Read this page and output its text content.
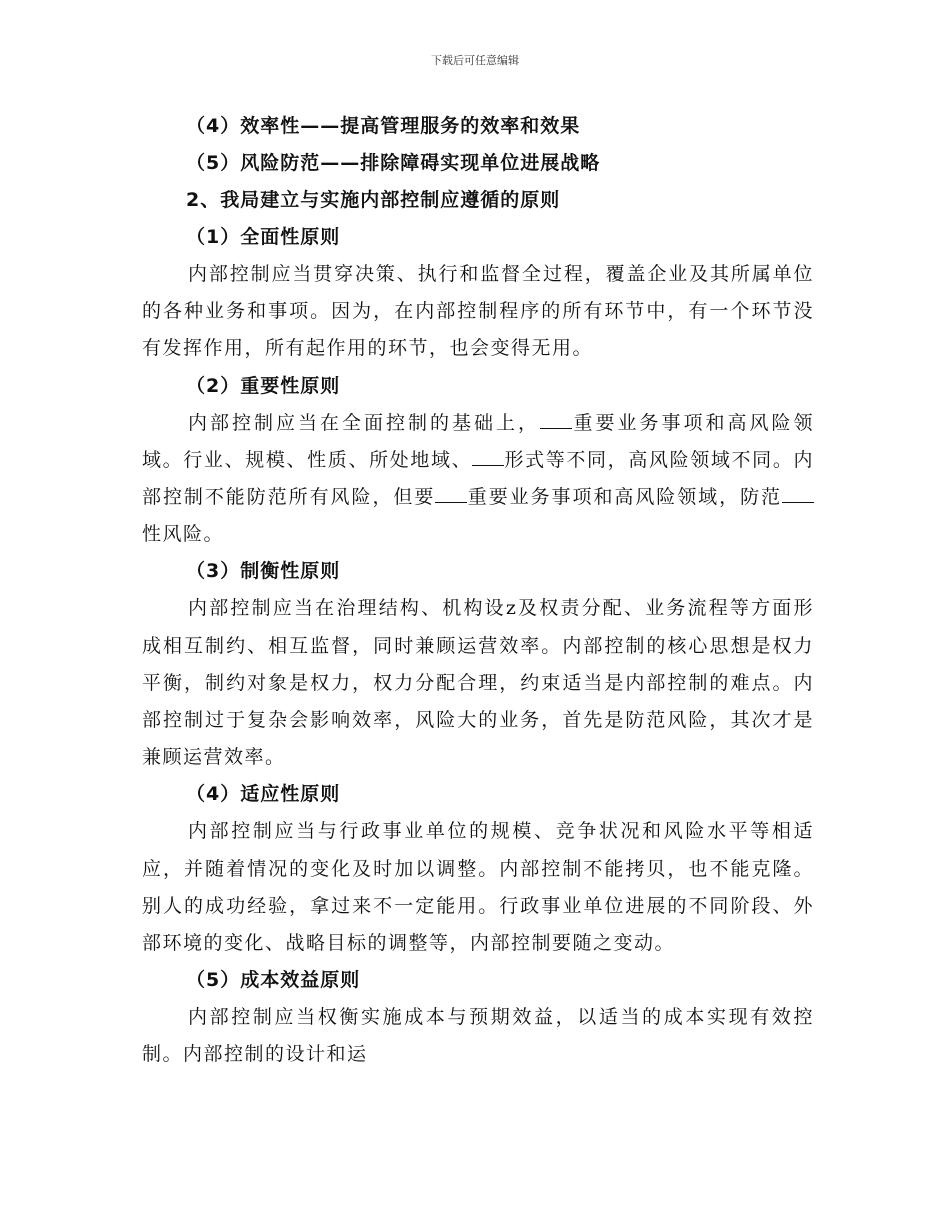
下载后可任意编辑
（4）效率性——提高管理服务的效率和效果
（5）风险防范——排除障碍实现单位进展战略
2、我局建立与实施内部控制应遵循的原则
（1）全面性原则

内部控制应当贯穿决策、执行和监督全过程，覆盖企业及其所属单位的各种业务和事项。因为，在内部控制程序的所有环节中，有一个环节没有发挥作用，所有起作用的环节，也会变得无用。

（2）重要性原则

内部控制应当在全面控制的基础上， 重要业务事项和高风险领域。行业、规模、性质、所处地域、 形式等不同，高风险领域不同。内部控制不能防范所有风险，但要 重要业务事项和高风险领域，防范性风险。

（3）制衡性原则

内部控制应当在治理结构、机构设z及权责分配、业务流程等方面形成相互制约、相互监督，同时兼顾运营效率。内部控制的核心思想是权力平衡，制约对象是权力，权力分配合理，约束适当是内部控制的难点。内部控制过于复杂会影响效率，风险大的业务，首先是防范风险，其次才是兼顾运营效率。

（4）适应性原则

内部控制应当与行政事业单位的规模、竞争状况和风险水平等相适应，并随着情况的变化及时加以调整。内部控制不能拷贝，也不能克隆。别人的成功经验，拿过来不一定能用。行政事业单位进展的不同阶段、外部环境的变化、战略目标的调整等，内部控制要随之变动。

（5）成本效益原则

内部控制应当权衡实施成本与预期效益，以适当的成本实现有效控制。内部控制的设计和运
